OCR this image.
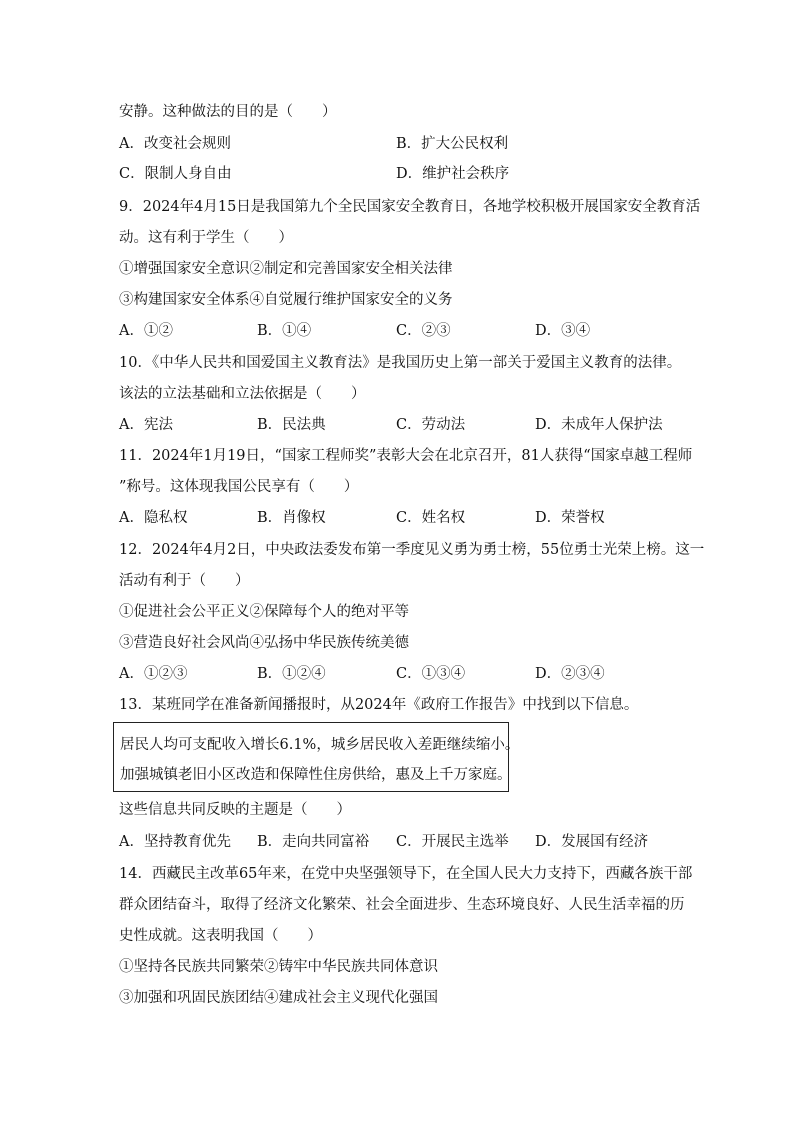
安静。这种做法的目的是（　　）
A．改变社会规则	B．扩大公民权利
C．限制人身自由	D．维护社会秩序
9．2024年4月15日是我国第九个全民国家安全教育日，各地学校积极开展国家安全教育活
动。这有利于学生（　　）
①增强国家安全意识②制定和完善国家安全相关法律
③构建国家安全体系④自觉履行维护国家安全的义务
A．①②	B．①④	C．②③	D．③④
10．《中华人民共和国爱国主义教育法》是我国历史上第一部关于爱国主义教育的法律。
该法的立法基础和立法依据是（　　）
A．宪法	B．民法典	C．劳动法	D．未成年人保护法
11．2024年1月19日，“国家工程师奖”表彰大会在北京召开，81人获得“国家卓越工程师
”称号。这体现我国公民享有（　　）
A．隐私权	B．肖像权	C．姓名权	D．荣誉权
12．2024年4月2日，中央政法委发布第一季度见义勇为勇士榜，55位勇士光荣上榜。这一
活动有利于（　　）
①促进社会公平正义②保障每个人的绝对平等
③营造良好社会风尚④弘扬中华民族传统美德
A．①②③	B．①②④	C．①③④	D．②③④
13．某班同学在准备新闻播报时，从2024年《政府工作报告》中找到以下信息。
居民人均可支配收入增长6.1%，城乡居民收入差距继续缩小。
加强城镇老旧小区改造和保障性住房供给，惠及上千万家庭。
这些信息共同反映的主题是（　　）
A．坚持教育优先 B．走向共同富裕 C．开展民主选举 D．发展国有经济
14．西藏民主改革65年来，在党中央坚强领导下，在全国人民大力支持下，西藏各族干部
群众团结奋斗，取得了经济文化繁荣、社会全面进步、生态环境良好、人民生活幸福的历
史性成就。这表明我国（　　）
①坚持各民族共同繁荣②铸牢中华民族共同体意识
③加强和巩固民族团结④建成社会主义现代化强国
